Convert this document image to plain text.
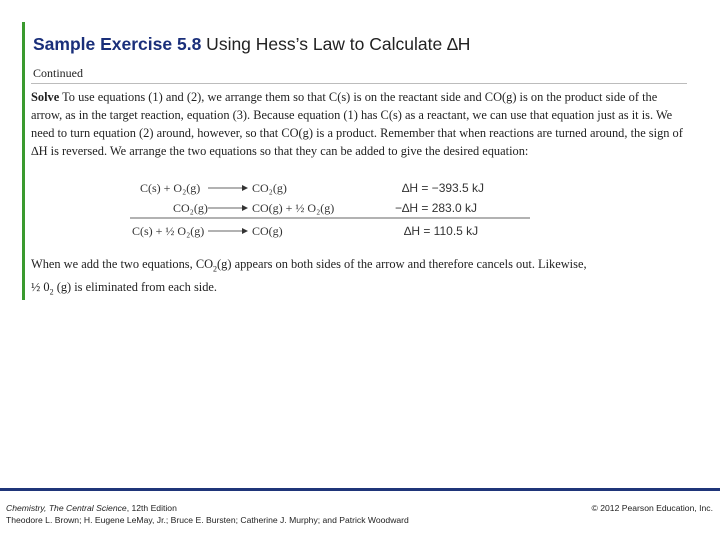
Sample Exercise 5.8 Using Hess’s Law to Calculate ∆H
Continued
Solve To use equations (1) and (2), we arrange them so that C(s) is on the reactant side and CO(g) is on the product side of the arrow, as in the target reaction, equation (3). Because equation (1) has C(s) as a reactant, we can use that equation just as it is. We need to turn equation (2) around, however, so that CO(g) is a product. Remember that when reactions are turned around, the sign of ∆H is reversed. We arrange the two equations so that they can be added to give the desired equation:
C(s) + O₂(g)	CO₂(g)	∆H = −393.5 kJ
CO₂(g)	CO(g) + ½ O₂(g)	−∆H = 283.0 kJ
C(s) + ½ O₂(g)	CO(g)	∆H = 110.5 kJ
When we add the two equations, $CO_2(g)$ appears on both sides of the arrow and therefore cancels out. Likewise,
½ $0_2$ (g) is eliminated from each side.
Chemistry, The Central Science, 12th Edition
Theodore L. Brown; H. Eugene LeMay, Jr.; Bruce E. Bursten; Catherine J. Murphy; and Patrick Woodward
© 2012 Pearson Education, Inc.
